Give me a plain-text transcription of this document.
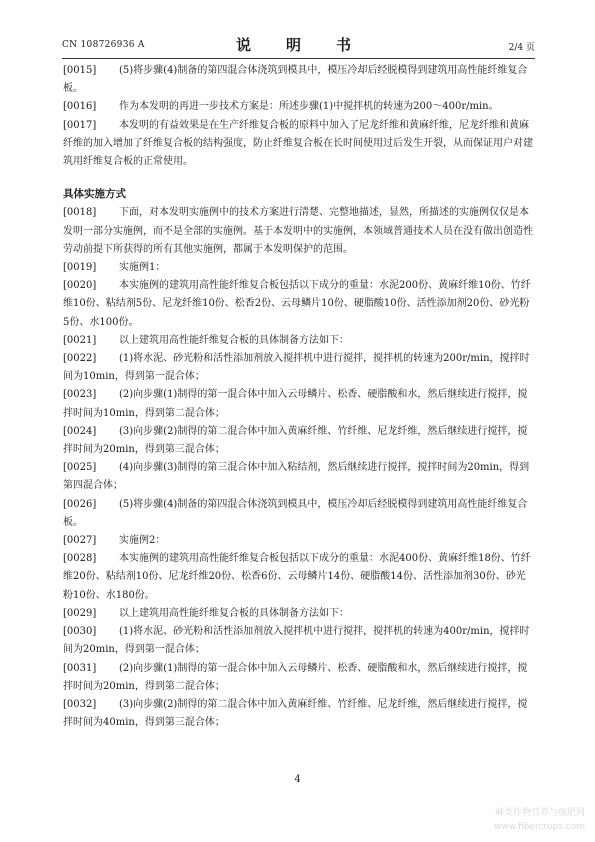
CN 108726936 A	说　明　书	2/4 页
[0015]　　(5)将步骤(4)制备的第四混合体浇筑到模具中，模压冷却后经脱模得到建筑用高性能纤维复合板。
[0016]　　作为本发明的再进一步技术方案是：所述步骤(1)中搅拌机的转速为200～400r/min。
[0017]　　本发明的有益效果是在生产纤维复合板的原料中加入了尼龙纤维和黄麻纤维，尼龙纤维和黄麻纤维的加入增加了纤维复合板的结构强度，防止纤维复合板在长时间使用过后发生开裂，从而保证用户对建筑用纤维复合板的正常使用。
具体实施方式
[0018]　　下面，对本发明实施例中的技术方案进行清楚、完整地描述，显然，所描述的实施例仅仅是本发明一部分实施例，而不是全部的实施例。基于本发明中的实施例，本领域普通技术人员在没有做出创造性劳动前提下所获得的所有其他实施例，都属于本发明保护的范围。
[0019]　　实施例1：
[0020]　　本实施例的建筑用高性能纤维复合板包括以下成分的重量：水泥200份、黄麻纤维10份、竹纤维10份、粘结剂5份、尼龙纤维10份、松香2份、云母鳞片10份、硬脂酸10份、活性添加剂20份、砂光粉5份、水100份。
[0021]　　以上建筑用高性能纤维复合板的具体制备方法如下：
[0022]　　(1)将水泥、砂光粉和活性添加剂放入搅拌机中进行搅拌，搅拌机的转速为200r/min，搅拌时间为10min，得到第一混合体；
[0023]　　(2)向步骤(1)制得的第一混合体中加入云母鳞片、松香、硬脂酸和水，然后继续进行搅拌，搅拌时间为10min，得到第二混合体；
[0024]　　(3)向步骤(2)制得的第二混合体中加入黄麻纤维、竹纤维、尼龙纤维，然后继续进行搅拌，搅拌时间为20min，得到第三混合体；
[0025]　　(4)向步骤(3)制得的第三混合体中加入粘结剂，然后继续进行搅拌，搅拌时间为20min，得到第四混合体；
[0026]　　(5)将步骤(4)制备的第四混合体浇筑到模具中，模压冷却后经脱模得到建筑用高性能纤维复合板。
[0027]　　实施例2：
[0028]　　本实施例的建筑用高性能纤维复合板包括以下成分的重量：水泥400份、黄麻纤维18份、竹纤维20份、粘结剂10份、尼龙纤维20份、松香6份、云母鳞片14份、硬脂酸14份、活性添加剂30份、砂光粉10份、水180份。
[0029]　　以上建筑用高性能纤维复合板的具体制备方法如下：
[0030]　　(1)将水泥、砂光粉和活性添加剂放入搅拌机中进行搅拌，搅拌机的转速为400r/min，搅拌时间为20min，得到第一混合体；
[0031]　　(2)向步骤(1)制得的第一混合体中加入云母鳞片、松香、硬脂酸和水，然后继续进行搅拌，搅拌时间为20min，得到第二混合体；
[0032]　　(3)向步骤(2)制得的第二混合体中加入黄麻纤维、竹纤维、尼龙纤维，然后继续进行搅拌，搅拌时间为40min，得到第三混合体；
4
麻类作物营养与施肥网
www.fibercrops.com
